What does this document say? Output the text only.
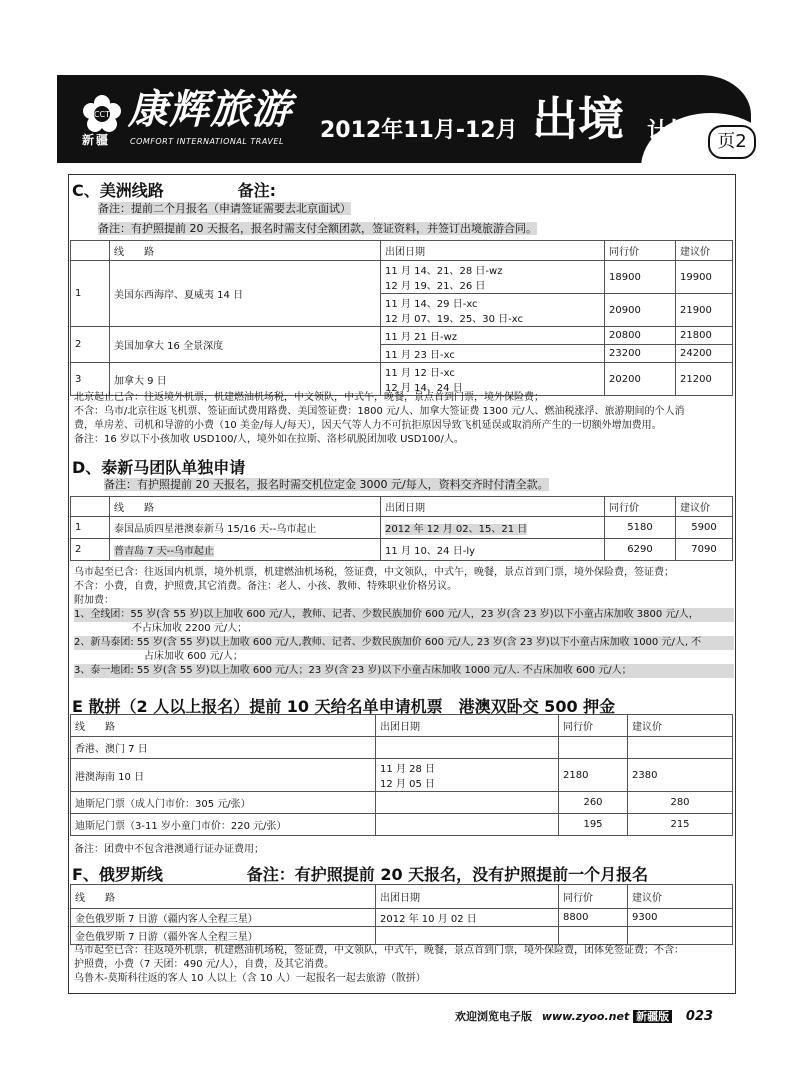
CCT
新疆
康辉旅游
COMFORT INTERNATIONAL TRAVEL 2012年11月-12月 出境 计划	页2
C、美洲线路	备注:
备注：提前二个月报名（申请签证需要去北京面试）
备注：有护照提前 20 天报名，报名时需支付全额团款，签证资料，并签订出境旅游合同。
	线　　路	出团日期	同行价	建议价
1	美国东西海岸、夏威夷 14 日	11 月 14、21、28 日-wz
12 月 19、21、26 日	18900	19900

		11 月 14、29 日-xc
12 月 07、19、25、30 日-xc	20900	21900
2	美国加拿大 16 全景深度	11 月 21 日-wz	20800	21800
		11 月 23 日-xc	23200	24200
3	加拿大 9 日	11 月 12 日-xc
12 月 14、24 日	20200	21200
北京起止已含：往返境外机票，机建燃油机场税，中文领队，中式午，晚餐，景点首到门票，境外保险费；
不含：乌市/北京往返飞机票、签证面试费用路费、美国签证费：1800 元/人、加拿大签证费 1300 元/人、燃油税涨浮、旅游期间的个人消
费，单房差、司机和导游的小费（10 美金/每人/每天），因天气等人力不可抗拒原因导致飞机延误或取消所产生的一切额外增加费用。
备注：16 岁以下小孩加收 USD100/人，境外如在拉斯、洛杉矶脱团加收 USD100/人。
D、泰新马团队单独申请
备注：有护照提前 20 天报名，报名时需交机位定金 3000 元/每人，资料交齐时付清全款。
	线　　路	出团日期	同行价	建议价
1	泰国品质四星港澳泰新马 15/16 天--乌市起止	2012 年 12 月 02、15、21 日	5180	5900
2	普吉岛 7 天--乌市起止	11 月 10、24 日-ly	6290	7090
乌市起至已含：往返国内机票，境外机票，机建燃油机场税，签证费，中文领队，中式午，晚餐，景点首到门票，境外保险费，签证费；
不含：小费，自费，护照费,其它消费。备注：老人、小孩、教师、特殊职业价格另议。
附加费：
1、全线团：55 岁(含 55 岁)以上加收 600 元/人，教师、记者、少数民族加价 600 元/人，23 岁(含 23 岁)以下小童占床加收 3800 元/人，
不占床加收 2200 元/人；
2、新马泰团: 55 岁(含 55 岁)以上加收 600 元/人,教师、记者、少数民族加价 600 元/人, 23 岁(含 23 岁)以下小童占床加收 1000 元/人, 不
占床加收 600 元/人；
3、泰一地团: 55 岁(含 55 岁)以上加收 600 元/人；23 岁(含 23 岁)以下小童占床加收 1000 元/人. 不占床加收 600 元/人；
E 散拼（2 人以上报名）提前 10 天给名单申请机票　港澳双卧交 500 押金
线　　路	出团日期	同行价	建议价
香港、澳门 7 日			
港澳海南 10 日	11 月 28 日
12 月 05 日	2180	2380
迪斯尼门票（成人门市价：305 元/张）		260	280
迪斯尼门票（3-11 岁小童门市价：220 元/张）		195	215
备注：团费中不包含港澳通行证办证费用；
F、俄罗斯线	备注：有护照提前 20 天报名，没有护照提前一个月报名
线　　路	出团日期	同行价	建议价
金色俄罗斯 7 日游（疆内客人全程三星）	2012 年 10 月 02 日	8800	9300
金色俄罗斯 7 日游（疆外客人全程三星）			
乌市起至已含：往返境外机票，机建燃油机场税，签证费，中文领队，中式午，晚餐，景点首到门票，境外保险费，团体免签证费；不含：
护照费，小费（7 天团：490 元/人），自费，及其它消费。
乌鲁木-莫斯科往返的客人 10 人以上（含 10 人）一起报名一起去旅游（散拼）
欢迎浏览电子版 www.zyoo.net 新疆版 023
